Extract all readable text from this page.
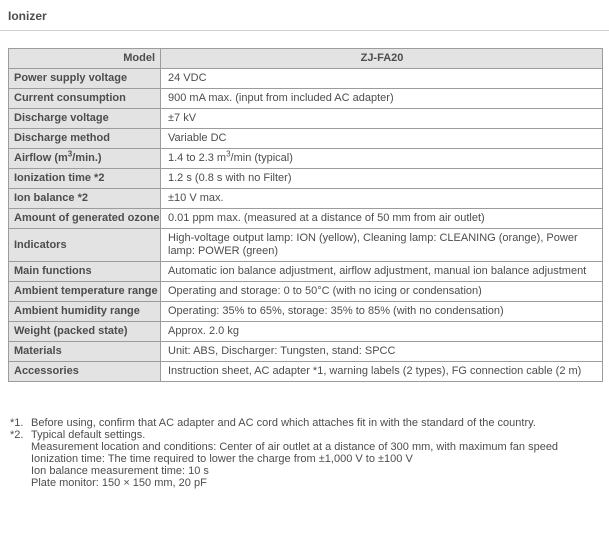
Ionizer
Model	ZJ-FA20
Power supply voltage	24 VDC
Current consumption	900 mA max. (input from included AC adapter)
Discharge voltage	±7 kV
Discharge method	Variable DC
Airflow $(m^3/\min.)$	1.4 to 2.3 $m^3/\min$ (typical)
Ionization time *2	1.2 s (0.8 s with no Filter)
Ion balance *2	±10 V max.
Amount of generated ozone	0.01 ppm max. (measured at a distance of 50 mm from air outlet)
Indicators	High-voltage output lamp: ION (yellow), Cleaning lamp: CLEANING (orange), Power lamp: POWER (green)
Main functions	Automatic ion balance adjustment, airflow adjustment, manual ion balance adjustment
Ambient temperature range	Operating and storage: 0 to 50°C (with no icing or condensation)
Ambient humidity range	Operating: 35% to 65%, storage: 35% to 85% (with no condensation)
Weight (packed state)	Approx. 2.0 kg
Materials	Unit: ABS, Discharger: Tungsten, stand: SPCC
Accessories	Instruction sheet, AC adapter *1, warning labels (2 types), FG connection cable (2 m)
*1. Before using, confirm that AC adapter and AC cord which attaches fit in with the standard of the country.
*2. Typical default settings.
Measurement location and conditions: Center of air outlet at a distance of 300 mm, with maximum fan speed
Ionization time: The time required to lower the charge from ±1,000 V to ±100 V
Ion balance measurement time: 10 s
Plate monitor: 150 × 150 mm, 20 pF
